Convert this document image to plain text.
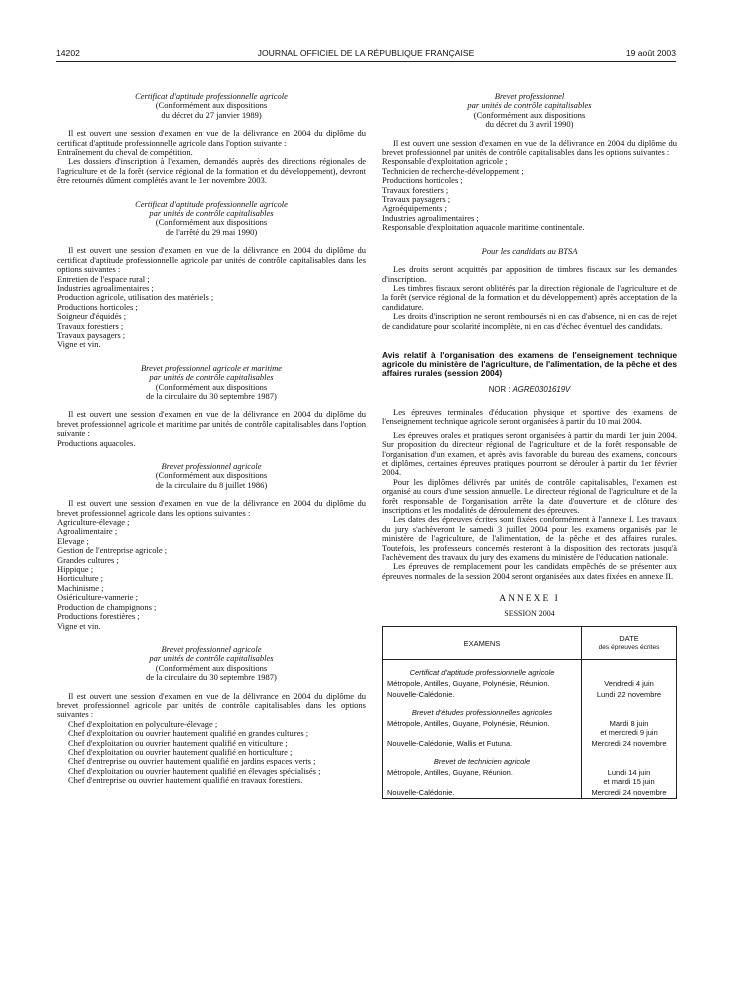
14202	JOURNAL OFFICIEL DE LA RÉPUBLIQUE FRANÇAISE	19 août 2003
Certificat d'aptitude professionnelle agricole
(Conformément aux dispositions
du décret du 27 janvier 1989)

Il est ouvert une session d'examen en vue de la délivrance en 2004 du diplôme du certificat d'aptitude professionnelle agricole dans l'option suivante :

Entraînement du cheval de compétition.

Les dossiers d'inscription à l'examen, demandés auprès des directions régionales de l'agriculture et de la forêt (service régional de la formation et du développement), devront être retournés dûment complétés avant le 1er novembre 2003.

Certificat d'aptitude professionnelle agricole
par unités de contrôle capitalisables
(Conformément aux dispositions
de l'arrêté du 29 mai 1990)

Il est ouvert une session d'examen en vue de la délivrance en 2004 du diplôme du certificat d'aptitude professionnelle agricole par unités de contrôle capitalisables dans les options suivantes :

Entretien de l'espace rural ;
Industries agroalimentaires ;
Production agricole, utilisation des matériels ;
Productions horticoles ;
Soigneur d'équidés ;
Travaux forestiers ;
Travaux paysagers ;
Vigne et vin.
Brevet professionnel agricole et maritime
par unités de contrôle capitalisables
(Conformément aux dispositions
de la circulaire du 30 septembre 1987)

Il est ouvert une session d'examen en vue de la délivrance en 2004 du diplôme du brevet professionnel agricole et maritime par unités de contrôle capitalisables dans l'option suivante :

Productions aquacoles.
Brevet professionnel agricole
(Conformément aux dispositions
de la circulaire du 8 juillet 1986)

Il est ouvert une session d'examen en vue de la délivrance en 2004 du diplôme du brevet professionnel agricole dans les options suivantes :

Agriculture-élevage ;
Agroalimentaire ;
Elevage ;
Gestion de l'entreprise agricole ;
Grandes cultures ;
Hippique ;
Horticulture ;
Machinisme ;
Osiériculture-vannerie ;
Production de champignons ;
Productions forestières ;
Vigne et vin.
Brevet professionnel agricole
par unités de contrôle capitalisables
(Conformément aux dispositions
de la circulaire du 30 septembre 1987)

Il est ouvert une session d'examen en vue de la délivrance en 2004 du diplôme du brevet professionnel agricole par unités de contrôle capitalisables dans les options suivantes :

Chef d'exploitation en polyculture-élevage ;
Chef d'exploitation ou ouvrier hautement qualifié en grandes cultures ;
Chef d'exploitation ou ouvrier hautement qualifié en viticulture ;
Chef d'exploitation ou ouvrier hautement qualifié en horticulture ;
Chef d'entreprise ou ouvrier hautement qualifié en jardins espaces verts ;
Chef d'exploitation ou ouvrier hautement qualifié en élevages spécialisés ;
Chef d'entreprise ou ouvrier hautement qualifié en travaux forestiers.
Brevet professionnel
par unités de contrôle capitalisables
(Conformément aux dispositions
du décret du 3 avril 1990)

Il est ouvert une session d'examen en vue de la délivrance en 2004 du diplôme du brevet professionnel par unités de contrôle capitalisables dans les options suivantes :

Responsable d'exploitation agricole ;
Technicien de recherche-développement ;
Productions horticoles ;
Travaux forestiers ;
Travaux paysagers ;
Agroéquipements ;
Industries agroalimentaires ;
Responsable d'exploitation aquacole maritime continentale.
Pour les candidats au BTSA

Les droits seront acquittés par apposition de timbres fiscaux sur les demandes d'inscription.

Les timbres fiscaux seront oblitérés par la direction régionale de l'agriculture et de la forêt (service régional de la formation et du développement) après acceptation de la candidature.

Les droits d'inscription ne seront remboursés ni en cas d'absence, ni en cas de rejet de candidature pour scolarité incomplète, ni en cas d'échec éventuel des candidats.

Avis relatif à l'organisation des examens de l'enseignement technique agricole du ministère de l'agriculture, de l'alimentation, de la pêche et des affaires rurales (session 2004)
NOR : AGRE0301619V

Les épreuves terminales d'éducation physique et sportive des examens de l'enseignement technique agricole seront organisées à partir du 10 mai 2004.

Les épreuves orales et pratiques seront organisées à partir du mardi 1er juin 2004. Sur proposition du directeur régional de l'agriculture et de la forêt responsable de l'organisation d'un examen, et après avis favorable du bureau des examens, concours et diplômes, certaines épreuves pratiques pourront se dérouler à partir du 1er février 2004.

Pour les diplômes délivrés par unités de contrôle capitalisables, l'examen est organisé au cours d'une session annuelle. Le directeur régional de l'agriculture et de la forêt responsable de l'organisation arrête la date d'ouverture et de clôture des inscriptions et les modalités de déroulement des épreuves.

Les dates des épreuves écrites sont fixées conformément à l'annexe I. Les travaux du jury s'achèveront le samedi 3 juillet 2004 pour les examens organisés par le ministère de l'agriculture, de l'alimentation, de la pêche et des affaires rurales. Toutefois, les professeurs concernés resteront à la disposition des rectorats jusqu'à l'achèvement des travaux du jury des examens du ministère de l'éducation nationale.

Les épreuves de remplacement pour les candidats empêchés de se présenter aux épreuves normales de la session 2004 seront organisées aux dates fixées en annexe II.

ANNEXE I
SESSION 2004
EXAMENS	DATE
des épreuves écrites

Certificat d'aptitude professionnelle agricole	
Métropole, Antilles, Guyane, Polynésie, Réunion.	Vendredi 4 juin
Nouvelle-Calédonie.	Lundi 22 novembre
Brevet d'études professionnelles agricoles	
Métropole, Antilles, Guyane, Polynésie, Réunion.	Mardi 8 juin
et mercredi 9 juin

Nouvelle-Calédonie, Wallis et Futuna.	Mercredi 24 novembre
Brevet de technicien agricole	
Métropole, Antilles, Guyane, Réunion.	Lundi 14 juin
et mardi 15 juin

Nouvelle-Calédonie.	Mercredi 24 novembre
